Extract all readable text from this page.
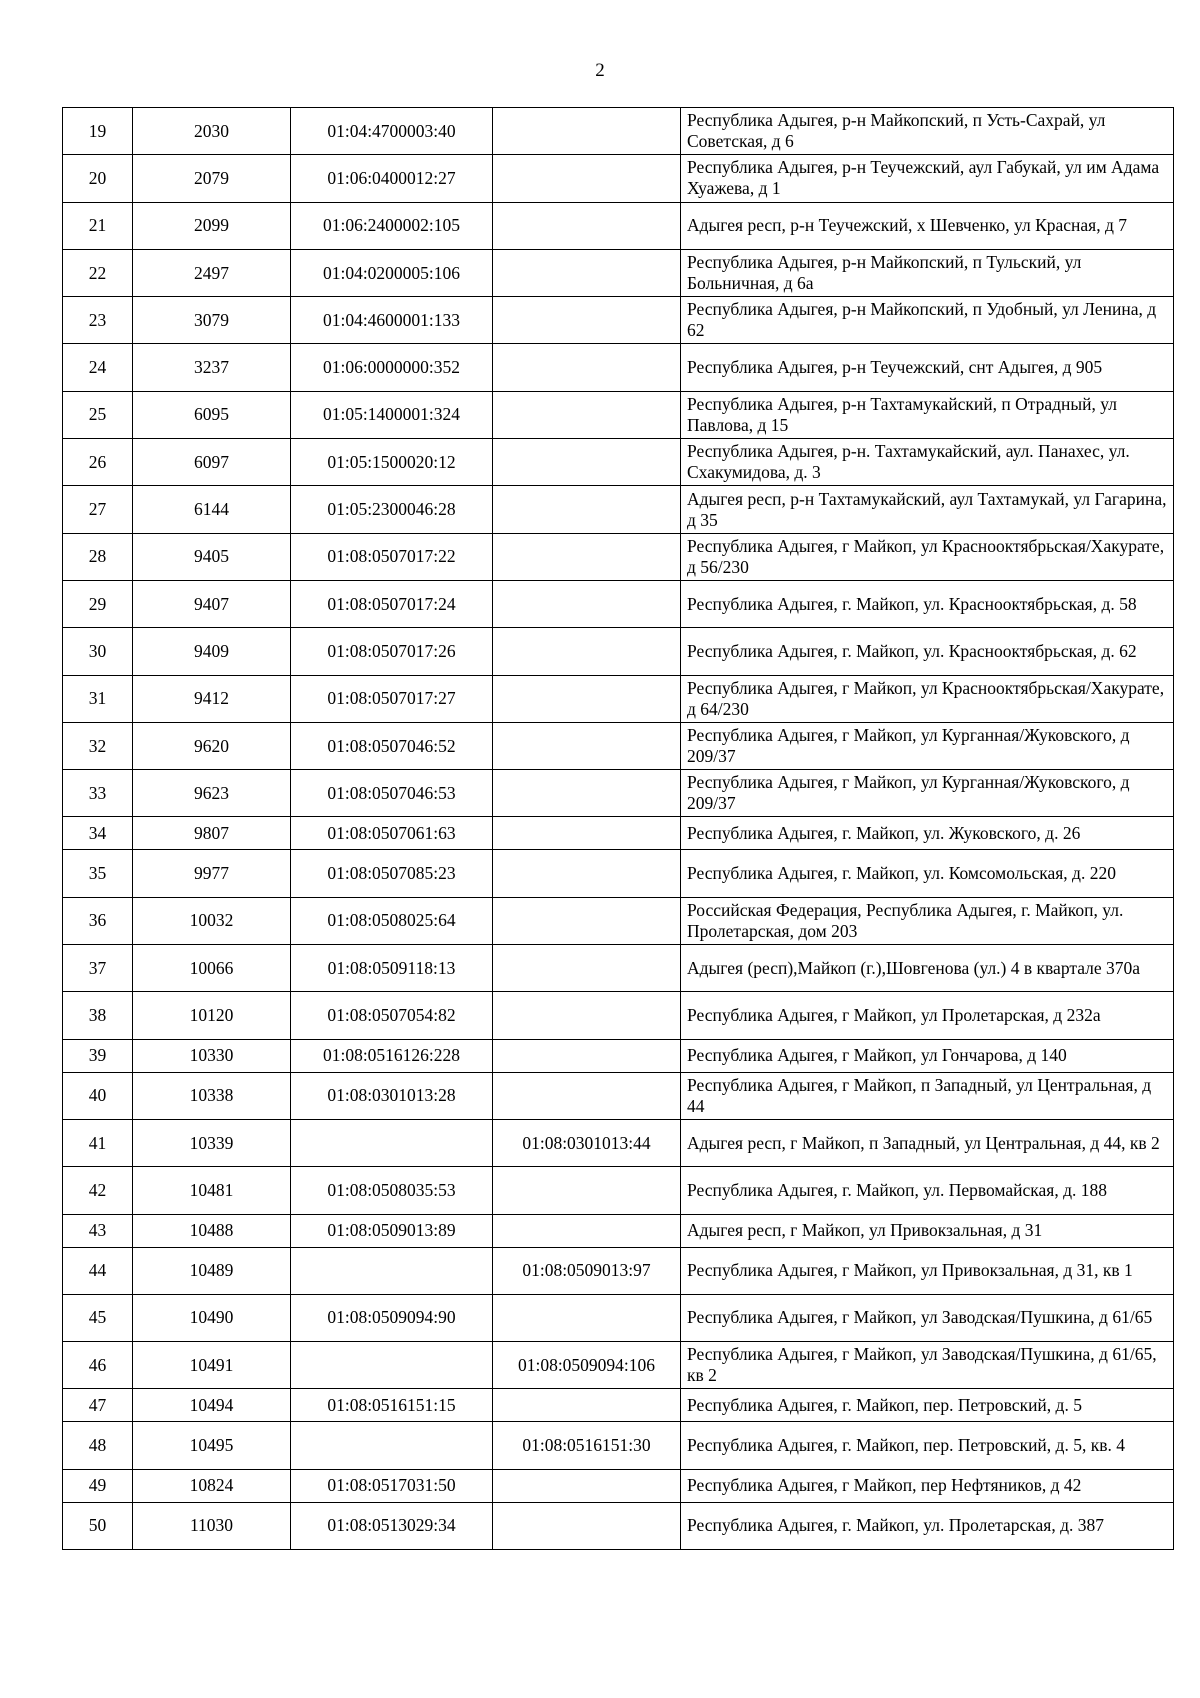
2
19	2030	01:04:4700003:40		Республика Адыгея, р-н Майкопский, п Усть-Сахрай, ул Советская, д 6
20	2079	01:06:0400012:27		Республика Адыгея, р-н Теучежский, аул Габукай, ул им Адама Хуажева, д 1
21	2099	01:06:2400002:105		Адыгея респ, р-н Теучежский, х Шевченко, ул Красная, д 7
22	2497	01:04:0200005:106		Республика Адыгея, р-н Майкопский, п Тульский, ул Больничная, д 6а
23	3079	01:04:4600001:133		Республика Адыгея, р-н Майкопский, п Удобный, ул Ленина, д 62
24	3237	01:06:0000000:352		Республика Адыгея, р-н Теучежский, снт Адыгея, д 905
25	6095	01:05:1400001:324		Республика Адыгея, р-н Тахтамукайский, п Отрадный, ул Павлова, д 15
26	6097	01:05:1500020:12		Республика Адыгея, р-н. Тахтамукайский, аул. Панахес, ул. Схакумидова, д. 3
27	6144	01:05:2300046:28		Адыгея респ, р-н Тахтамукайский, аул Тахтамукай, ул Гагарина, д 35
28	9405	01:08:0507017:22		Республика Адыгея, г Майкоп, ул Краснооктябрьская/Хакурате, д 56/230
29	9407	01:08:0507017:24		Республика Адыгея, г. Майкоп, ул. Краснооктябрьская, д. 58
30	9409	01:08:0507017:26		Республика Адыгея, г. Майкоп, ул. Краснооктябрьская, д. 62
31	9412	01:08:0507017:27		Республика Адыгея, г Майкоп, ул Краснооктябрьская/Хакурате, д 64/230
32	9620	01:08:0507046:52		Республика Адыгея, г Майкоп, ул Курганная/Жуковского, д 209/37
33	9623	01:08:0507046:53		Республика Адыгея, г Майкоп, ул Курганная/Жуковского, д 209/37
34	9807	01:08:0507061:63		Республика Адыгея, г. Майкоп, ул. Жуковского, д. 26
35	9977	01:08:0507085:23		Республика Адыгея, г. Майкоп, ул. Комсомольская, д. 220
36	10032	01:08:0508025:64		Российская Федерация, Республика Адыгея, г. Майкоп, ул. Пролетарская, дом 203
37	10066	01:08:0509118:13		Адыгея (респ),Майкоп (г.),Шовгенова (ул.) 4 в квартале 370а
38	10120	01:08:0507054:82		Республика Адыгея, г Майкоп, ул Пролетарская, д 232а
39	10330	01:08:0516126:228		Республика Адыгея, г Майкоп, ул Гончарова, д 140
40	10338	01:08:0301013:28		Республика Адыгея, г Майкоп, п Западный, ул Центральная, д 44
41	10339		01:08:0301013:44	Адыгея респ, г Майкоп, п Западный, ул Центральная, д 44, кв 2
42	10481	01:08:0508035:53		Республика Адыгея, г. Майкоп, ул. Первомайская, д. 188
43	10488	01:08:0509013:89		Адыгея респ, г Майкоп, ул Привокзальная, д 31
44	10489		01:08:0509013:97	Республика Адыгея, г Майкоп, ул Привокзальная, д 31, кв 1
45	10490	01:08:0509094:90		Республика Адыгея, г Майкоп, ул Заводская/Пушкина, д 61/65
46	10491		01:08:0509094:106	Республика Адыгея, г Майкоп, ул Заводская/Пушкина, д 61/65, кв 2
47	10494	01:08:0516151:15		Республика Адыгея, г. Майкоп, пер. Петровский, д. 5
48	10495		01:08:0516151:30	Республика Адыгея, г. Майкоп, пер. Петровский, д. 5, кв. 4
49	10824	01:08:0517031:50		Республика Адыгея, г Майкоп, пер Нефтяников, д 42
50	11030	01:08:0513029:34		Республика Адыгея, г. Майкоп, ул. Пролетарская, д. 387
